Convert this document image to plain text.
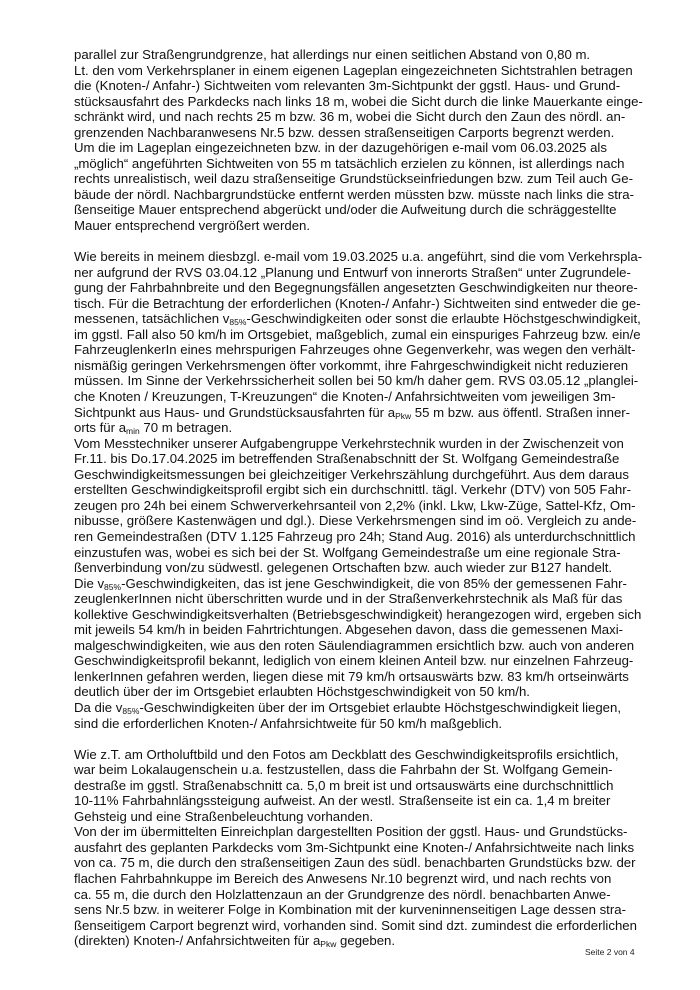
parallel zur Straßengrundgrenze, hat allerdings nur einen seitlichen Abstand von 0,80 m.
Lt. den vom Verkehrsplaner in einem eigenen Lageplan eingezeichneten Sichtstrahlen betragen
die (Knoten-/ Anfahr-) Sichtweiten vom relevanten 3m-Sichtpunkt der ggstl. Haus- und Grund-
stücksausfahrt des Parkdecks nach links 18 m, wobei die Sicht durch die linke Mauerkante einge-
schränkt wird, und nach rechts 25 m bzw. 36 m, wobei die Sicht durch den Zaun des nördl. an-
grenzenden Nachbaranwesens Nr.5 bzw. dessen straßenseitigen Carports begrenzt werden.
Um die im Lageplan eingezeichneten bzw. in der dazugehörigen e-mail vom 06.03.2025 als
„möglich“ angeführten Sichtweiten von 55 m tatsächlich erzielen zu können, ist allerdings nach
rechts unrealistisch, weil dazu straßenseitige Grundstückseinfriedungen bzw. zum Teil auch Ge-
bäude der nördl. Nachbargrundstücke entfernt werden müssten bzw. müsste nach links die stra-
ßenseitige Mauer entsprechend abgerückt und/oder die Aufweitung durch die schräggestellte
Mauer entsprechend vergrößert werden.
Wie bereits in meinem diesbzgl. e-mail vom 19.03.2025 u.a. angeführt, sind die vom Verkehrspla-
ner aufgrund der RVS 03.04.12 „Planung und Entwurf von innerorts Straßen“ unter Zugrundele-
gung der Fahrbahnbreite und den Begegnungsfällen angesetzten Geschwindigkeiten nur theore-
tisch. Für die Betrachtung der erforderlichen (Knoten-/ Anfahr-) Sichtweiten sind entweder die ge-
messenen, tatsächlichen $v_{85\%}$-Geschwindigkeiten oder sonst die erlaubte Höchstgeschwindigkeit,
im ggstl. Fall also 50 km/h im Ortsgebiet, maßgeblich, zumal ein einspuriges Fahrzeug bzw. ein/e
FahrzeuglenkerIn eines mehrspurigen Fahrzeuges ohne Gegenverkehr, was wegen den verhält-
nismäßig geringen Verkehrsmengen öfter vorkommt, ihre Fahrgeschwindigkeit nicht reduzieren
müssen. Im Sinne der Verkehrssicherheit sollen bei 50 km/h daher gem. RVS 03.05.12 „planglei-
che Knoten / Kreuzungen, T-Kreuzungen“ die Knoten-/ Anfahrsichtweiten vom jeweiligen 3m-
Sichtpunkt aus Haus- und Grundstücksausfahrten für $a_{Pkw}$ 55 m bzw. aus öffentl. Straßen inner-
orts für $a_{min}$ 70 m betragen.
Vom Messtechniker unserer Aufgabengruppe Verkehrstechnik wurden in der Zwischenzeit von
Fr.11. bis Do.17.04.2025 im betreffenden Straßenabschnitt der St. Wolfgang Gemeindestraße
Geschwindigkeitsmessungen bei gleichzeitiger Verkehrszählung durchgeführt. Aus dem daraus
erstellten Geschwindigkeitsprofil ergibt sich ein durchschnittl. tägl. Verkehr (DTV) von 505 Fahr-
zeugen pro 24h bei einem Schwerverkehrsanteil von 2,2% (inkl. Lkw, Lkw-Züge, Sattel-Kfz, Om-
nibusse, größere Kastenwägen und dgl.). Diese Verkehrsmengen sind im oö. Vergleich zu ande-
ren Gemeindestraßen (DTV 1.125 Fahrzeug pro 24h; Stand Aug. 2016) als unterdurchschnittlich
einzustufen was, wobei es sich bei der St. Wolfgang Gemeindestraße um eine regionale Stra-
ßenverbindung von/zu südwestl. gelegenen Ortschaften bzw. auch wieder zur B127 handelt.
Die $v_{85\%}$-Geschwindigkeiten, das ist jene Geschwindigkeit, die von 85% der gemessenen Fahr-
zeuglenkerInnen nicht überschritten wurde und in der Straßenverkehrstechnik als Maß für das
kollektive Geschwindigkeitsverhalten (Betriebsgeschwindigkeit) herangezogen wird, ergeben sich
mit jeweils 54 km/h in beiden Fahrtrichtungen. Abgesehen davon, dass die gemessenen Maxi-
malgeschwindigkeiten, wie aus den roten Säulendiagrammen ersichtlich bzw. auch von anderen
Geschwindigkeitsprofil bekannt, lediglich von einem kleinen Anteil bzw. nur einzelnen Fahrzeug-
lenkerInnen gefahren werden, liegen diese mit 79 km/h ortsauswärts bzw. 83 km/h ortseinwärts
deutlich über der im Ortsgebiet erlaubten Höchstgeschwindigkeit von 50 km/h.
Da die $v_{85\%}$-Geschwindigkeiten über der im Ortsgebiet erlaubte Höchstgeschwindigkeit liegen,
sind die erforderlichen Knoten-/ Anfahrsichtweite für 50 km/h maßgeblich.
Wie z.T. am Ortholuftbild und den Fotos am Deckblatt des Geschwindigkeitsprofils ersichtlich,
war beim Lokalaugenschein u.a. festzustellen, dass die Fahrbahn der St. Wolfgang Gemein-
destraße im ggstl. Straßenabschnitt ca. 5,0 m breit ist und ortsauswärts eine durchschnittlich
10-11% Fahrbahnlängssteigung aufweist. An der westl. Straßenseite ist ein ca. 1,4 m breiter
Gehsteig und eine Straßenbeleuchtung vorhanden.
Von der im übermittelten Einreichplan dargestellten Position der ggstl. Haus- und Grundstücks-
ausfahrt des geplanten Parkdecks vom 3m-Sichtpunkt eine Knoten-/ Anfahrsichtweite nach links
von ca. 75 m, die durch den straßenseitigen Zaun des südl. benachbarten Grundstücks bzw. der
flachen Fahrbahnkuppe im Bereich des Anwesens Nr.10 begrenzt wird, und nach rechts von
ca. 55 m, die durch den Holzlattenzaun an der Grundgrenze des nördl. benachbarten Anwe-
sens Nr.5 bzw. in weiterer Folge in Kombination mit der kurveninnenseitigen Lage dessen stra-
ßenseitigem Carport begrenzt wird, vorhanden sind. Somit sind dzt. zumindest die erforderlichen
(direkten) Knoten-/ Anfahrsichtweiten für $a_{Pkw}$ gegeben.
Seite 2 von 4
